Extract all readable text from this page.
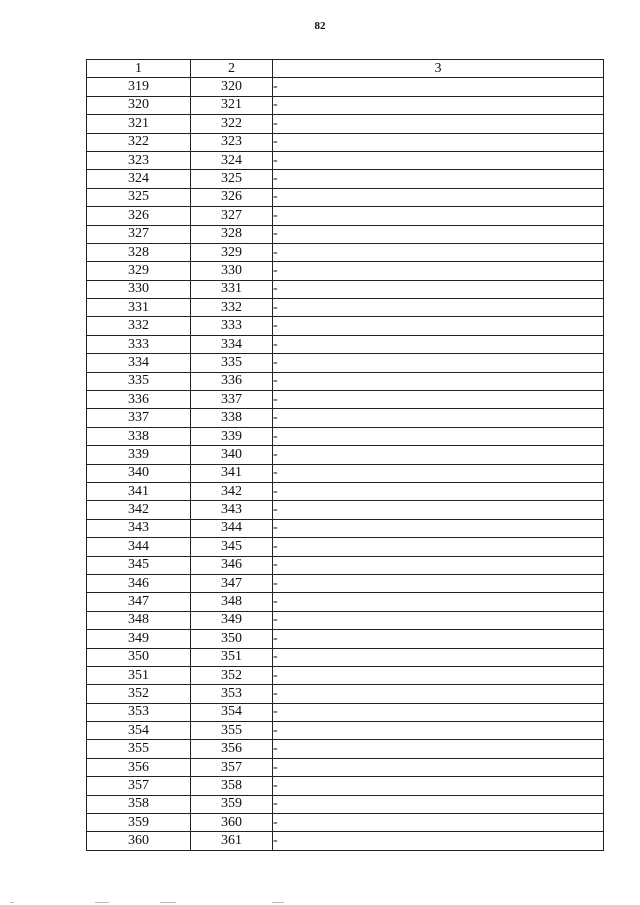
82
1	2	3
319	320	-
320	321	-
321	322	-
322	323	-
323	324	-
324	325	-
325	326	-
326	327	-
327	328	-
328	329	-
329	330	-
330	331	-
331	332	-
332	333	-
333	334	-
334	335	-
335	336	-
336	337	-
337	338	-
338	339	-
339	340	-
340	341	-
341	342	-
342	343	-
343	344	-
344	345	-
345	346	-
346	347	-
347	348	-
348	349	-
349	350	-
350	351	-
351	352	-
352	353	-
353	354	-
354	355	-
355	356	-
356	357	-
357	358	-
358	359	-
359	360	-
360	361	-
